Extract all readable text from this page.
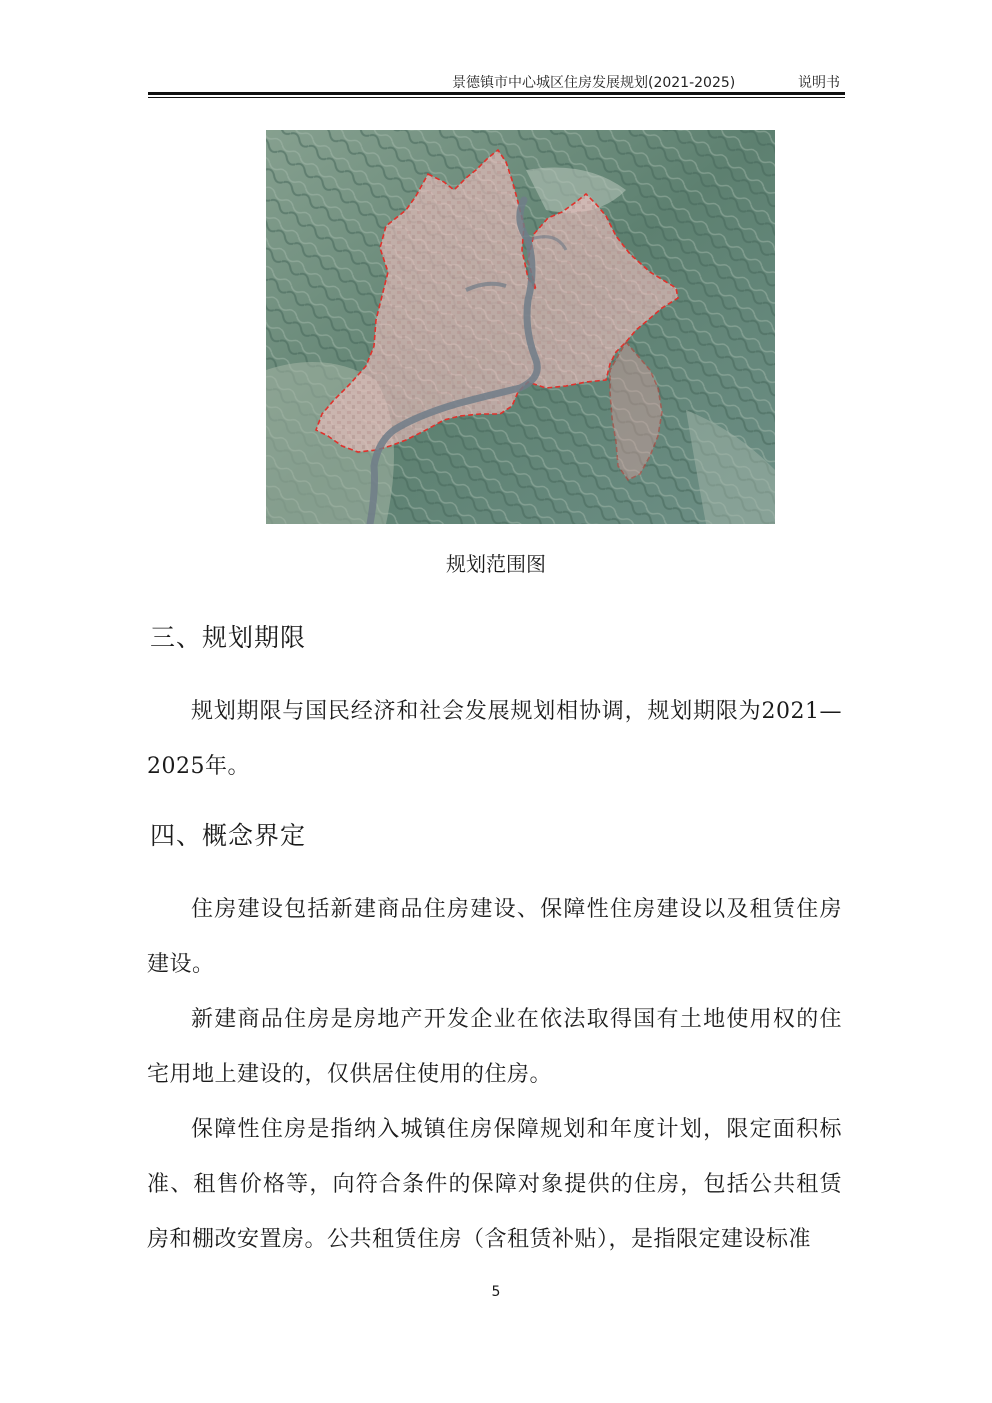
景德镇市中心城区住房发展规划(2021-2025)	说明书
规划范围图
三、规划期限
规划期限与国民经济和社会发展规划相协调，规划期限为2021—2025年。
四、概念界定
住房建设包括新建商品住房建设、保障性住房建设以及租赁住房建设。
新建商品住房是房地产开发企业在依法取得国有土地使用权的住宅用地上建设的，仅供居住使用的住房。
保障性住房是指纳入城镇住房保障规划和年度计划，限定面积标准、租售价格等，向符合条件的保障对象提供的住房，包括公共租赁房和棚改安置房。公共租赁住房（含租赁补贴），是指限定建设标准
5
